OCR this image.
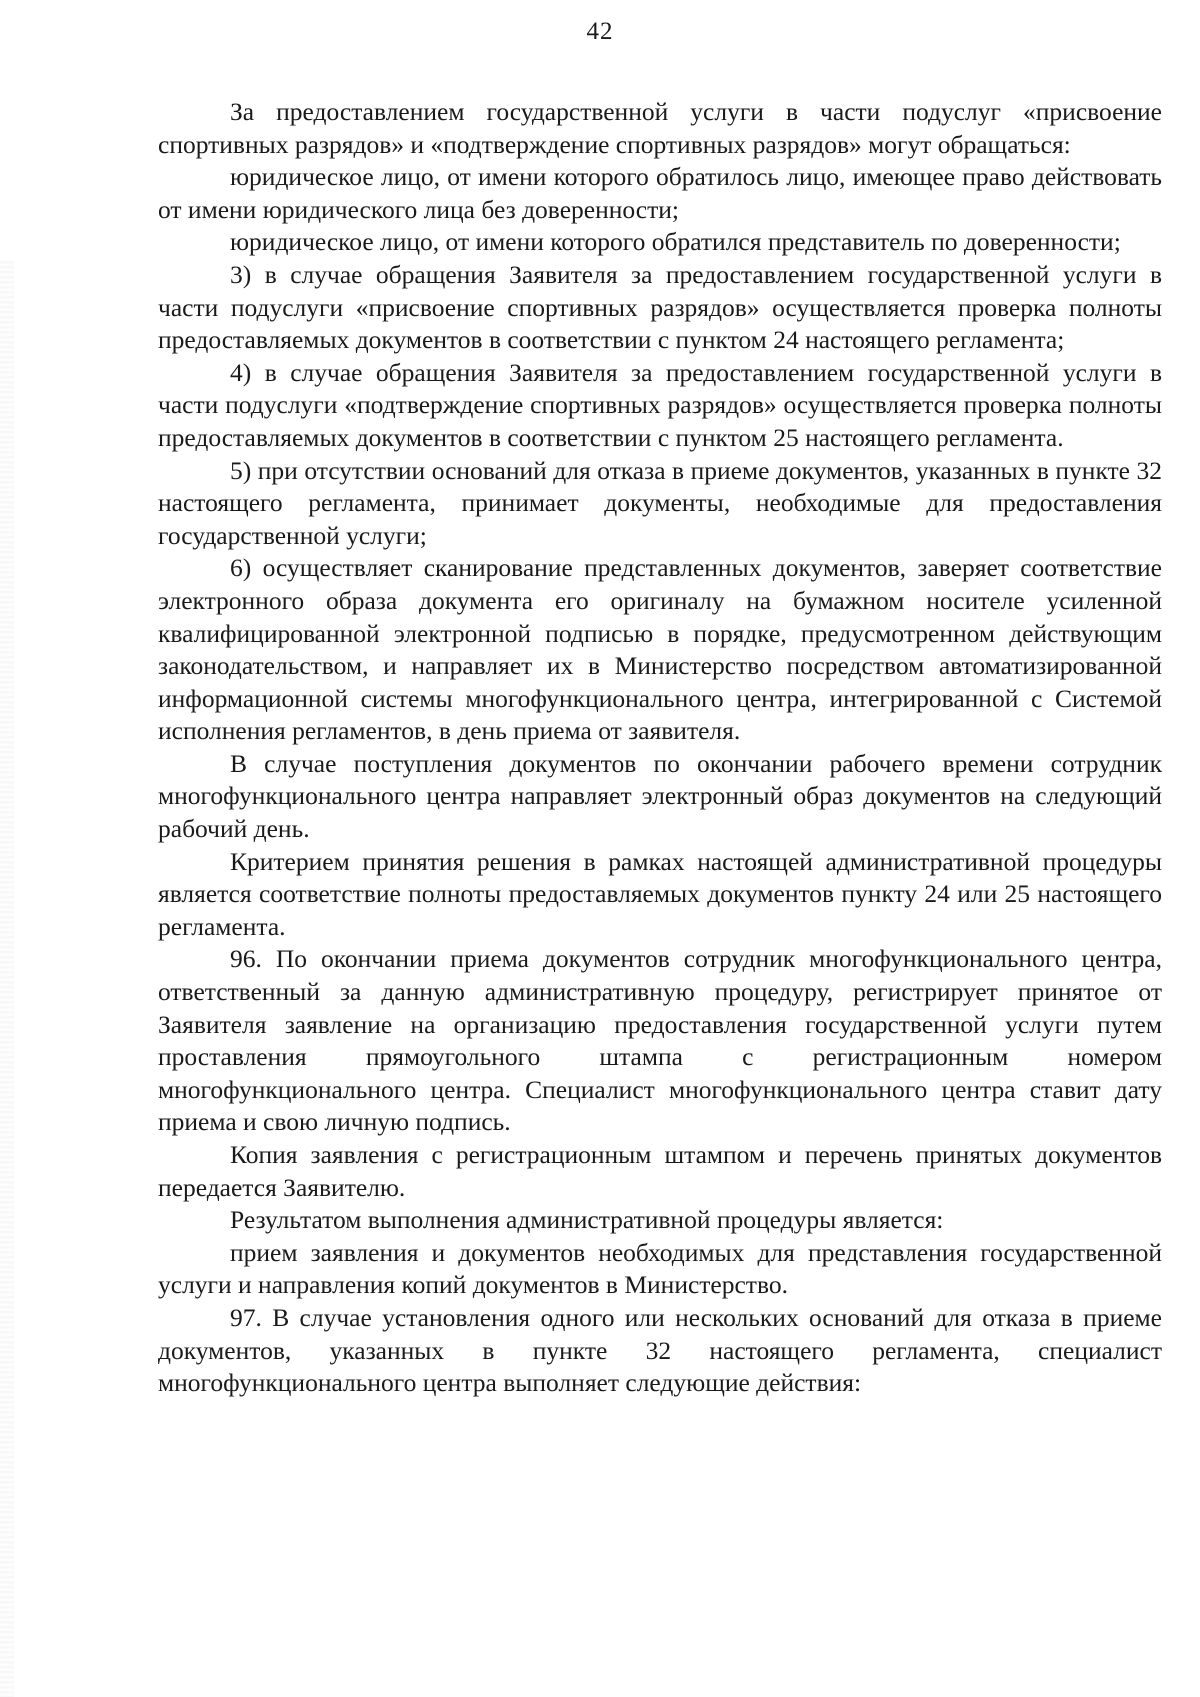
42

За предоставлением государственной услуги в части подуслуг «присвоение спортивных разрядов» и «подтверждение спортивных разрядов» могут обращаться:

юридическое лицо, от имени которого обратилось лицо, имеющее право действовать от имени юридического лица без доверенности;

юридическое лицо, от имени которого обратился представитель по доверенности;

3) в случае обращения Заявителя за предоставлением государственной услуги в части подуслуги «присвоение спортивных разрядов» осуществляется проверка полноты предоставляемых документов в соответствии с пунктом 24 настоящего регламента;

4) в случае обращения Заявителя за предоставлением государственной услуги в части подуслуги «подтверждение спортивных разрядов» осуществляется проверка полноты предоставляемых документов в соответствии с пунктом 25 настоящего регламента.

5) при отсутствии оснований для отказа в приеме документов, указанных в пункте 32 настоящего регламента, принимает документы, необходимые для предоставления государственной услуги;

6) осуществляет сканирование представленных документов, заверяет соответствие электронного образа документа его оригиналу на бумажном носителе усиленной квалифицированной электронной подписью в порядке, предусмотренном действующим законодательством, и направляет их в Министерство посредством автоматизированной информационной системы многофункционального центра, интегрированной с Системой исполнения регламентов, в день приема от заявителя.

В случае поступления документов по окончании рабочего времени сотрудник многофункционального центра направляет электронный образ документов на следующий рабочий день.

Критерием принятия решения в рамках настоящей административной процедуры является соответствие полноты предоставляемых документов пункту 24 или 25 настоящего регламента.

96. По окончании приема документов сотрудник многофункционального центра, ответственный за данную административную процедуру, регистрирует принятое от Заявителя заявление на организацию предоставления государственной услуги путем проставления прямоугольного штампа с регистрационным номером многофункционального центра. Специалист многофункционального центра ставит дату приема и свою личную подпись.

Копия заявления с регистрационным штампом и перечень принятых документов передается Заявителю.

Результатом выполнения административной процедуры является:

прием заявления и документов необходимых для представления государственной услуги и направления копий документов в Министерство.

97. В случае установления одного или нескольких оснований для отказа в приеме документов, указанных в пункте 32 настоящего регламента, специалист многофункционального центра выполняет следующие действия:
